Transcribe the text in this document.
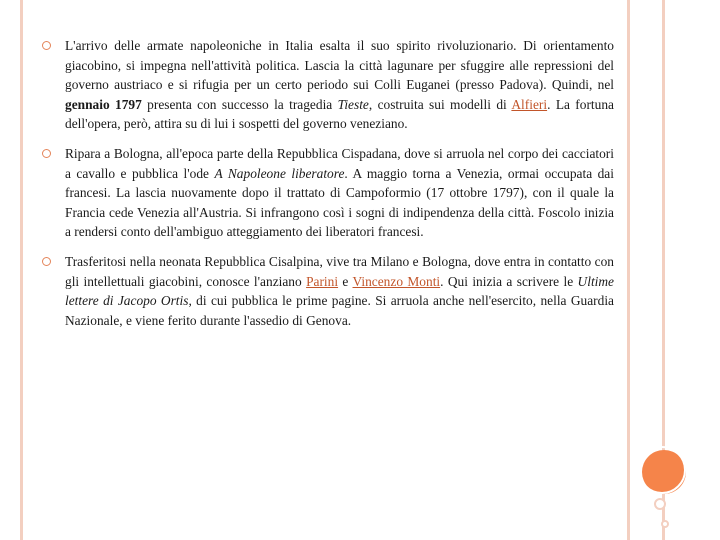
L'arrivo delle armate napoleoniche in Italia esalta il suo spirito rivoluzionario. Di orientamento giacobino, si impegna nell'attività politica. Lascia la città lagunare per sfuggire alle repressioni del governo austriaco e si rifugia per un certo periodo sui Colli Euganei (presso Padova). Quindi, nel gennaio 1797 presenta con successo la tragedia Tieste, costruita sui modelli di Alfieri. La fortuna dell'opera, però, attira su di lui i sospetti del governo veneziano.
Ripara a Bologna, all'epoca parte della Repubblica Cispadana, dove si arruola nel corpo dei cacciatori a cavallo e pubblica l'ode A Napoleone liberatore. A maggio torna a Venezia, ormai occupata dai francesi. La lascia nuovamente dopo il trattato di Campoformio (17 ottobre 1797), con il quale la Francia cede Venezia all'Austria. Si infrangono così i sogni di indipendenza della città. Foscolo inizia a rendersi conto dell'ambiguo atteggiamento dei liberatori francesi.
Trasferitosi nella neonata Repubblica Cisalpina, vive tra Milano e Bologna, dove entra in contatto con gli intellettuali giacobini, conosce l'anziano Parini e Vincenzo Monti. Qui inizia a scrivere le Ultime lettere di Jacopo Ortis, di cui pubblica le prime pagine. Si arruola anche nell'esercito, nella Guardia Nazionale, e viene ferito durante l'assedio di Genova.
